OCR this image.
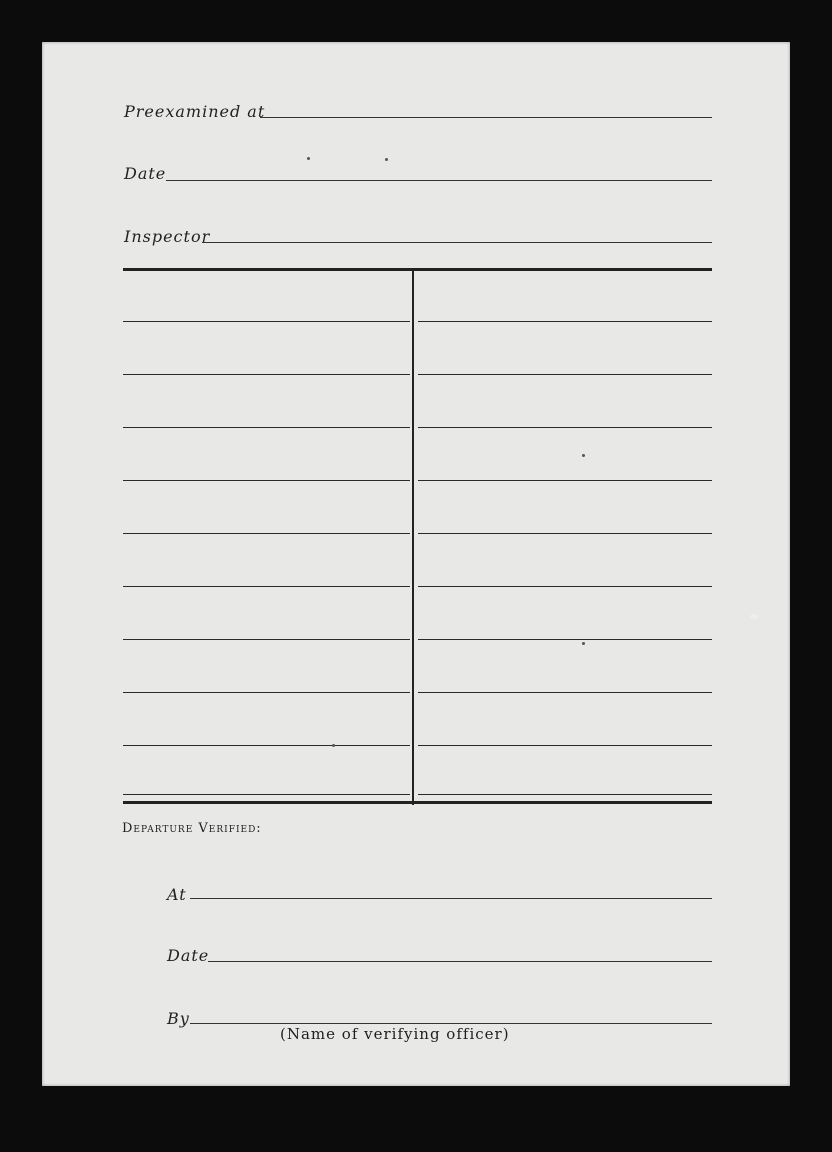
Preexamined at
Date
Inspector
Departure Verified:
At
Date
By
(Name of verifying officer)
